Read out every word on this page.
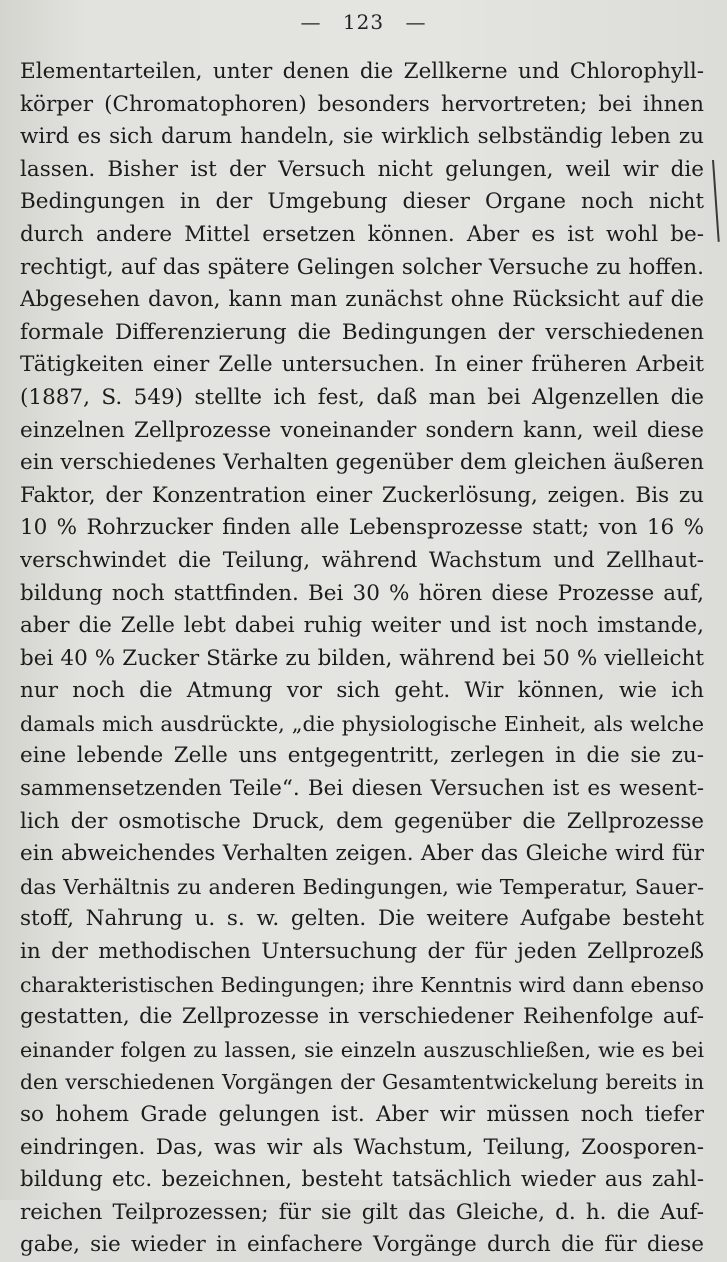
— 123 —
Elementarteilen, unter denen die Zellkerne und Chlorophyll-
körper (Chromatophoren) besonders hervortreten; bei ihnen
wird es sich darum handeln, sie wirklich selbständig leben zu
lassen. Bisher ist der Versuch nicht gelungen, weil wir die
Bedingungen in der Umgebung dieser Organe noch nicht
durch andere Mittel ersetzen können. Aber es ist wohl be-
rechtigt, auf das spätere Gelingen solcher Versuche zu hoffen.
Abgesehen davon, kann man zunächst ohne Rücksicht auf die
formale Differenzierung die Bedingungen der verschiedenen
Tätigkeiten einer Zelle untersuchen. In einer früheren Arbeit
(1887, S. 549) stellte ich fest, daß man bei Algenzellen die
einzelnen Zellprozesse voneinander sondern kann, weil diese
ein verschiedenes Verhalten gegenüber dem gleichen äußeren
Faktor, der Konzentration einer Zuckerlösung, zeigen. Bis zu
10 % Rohrzucker finden alle Lebensprozesse statt; von 16 %
verschwindet die Teilung, während Wachstum und Zellhaut-
bildung noch stattfinden. Bei 30 % hören diese Prozesse auf,
aber die Zelle lebt dabei ruhig weiter und ist noch imstande,
bei 40 % Zucker Stärke zu bilden, während bei 50 % vielleicht
nur noch die Atmung vor sich geht. Wir können, wie ich
damals mich ausdrückte, „die physiologische Einheit, als welche
eine lebende Zelle uns entgegentritt, zerlegen in die sie zu-
sammensetzenden Teile“. Bei diesen Versuchen ist es wesent-
lich der osmotische Druck, dem gegenüber die Zellprozesse
ein abweichendes Verhalten zeigen. Aber das Gleiche wird für
das Verhältnis zu anderen Bedingungen, wie Temperatur, Sauer-
stoff, Nahrung u. s. w. gelten. Die weitere Aufgabe besteht
in der methodischen Untersuchung der für jeden Zellprozeß
charakteristischen Bedingungen; ihre Kenntnis wird dann ebenso
gestatten, die Zellprozesse in verschiedener Reihenfolge auf-
einander folgen zu lassen, sie einzeln auszuschließen, wie es bei
den verschiedenen Vorgängen der Gesamtentwickelung bereits in
so hohem Grade gelungen ist. Aber wir müssen noch tiefer
eindringen. Das, was wir als Wachstum, Teilung, Zoosporen-
bildung etc. bezeichnen, besteht tatsächlich wieder aus zahl-
reichen Teilprozessen; für sie gilt das Gleiche, d. h. die Auf-
gabe, sie wieder in einfachere Vorgänge durch die für diese
